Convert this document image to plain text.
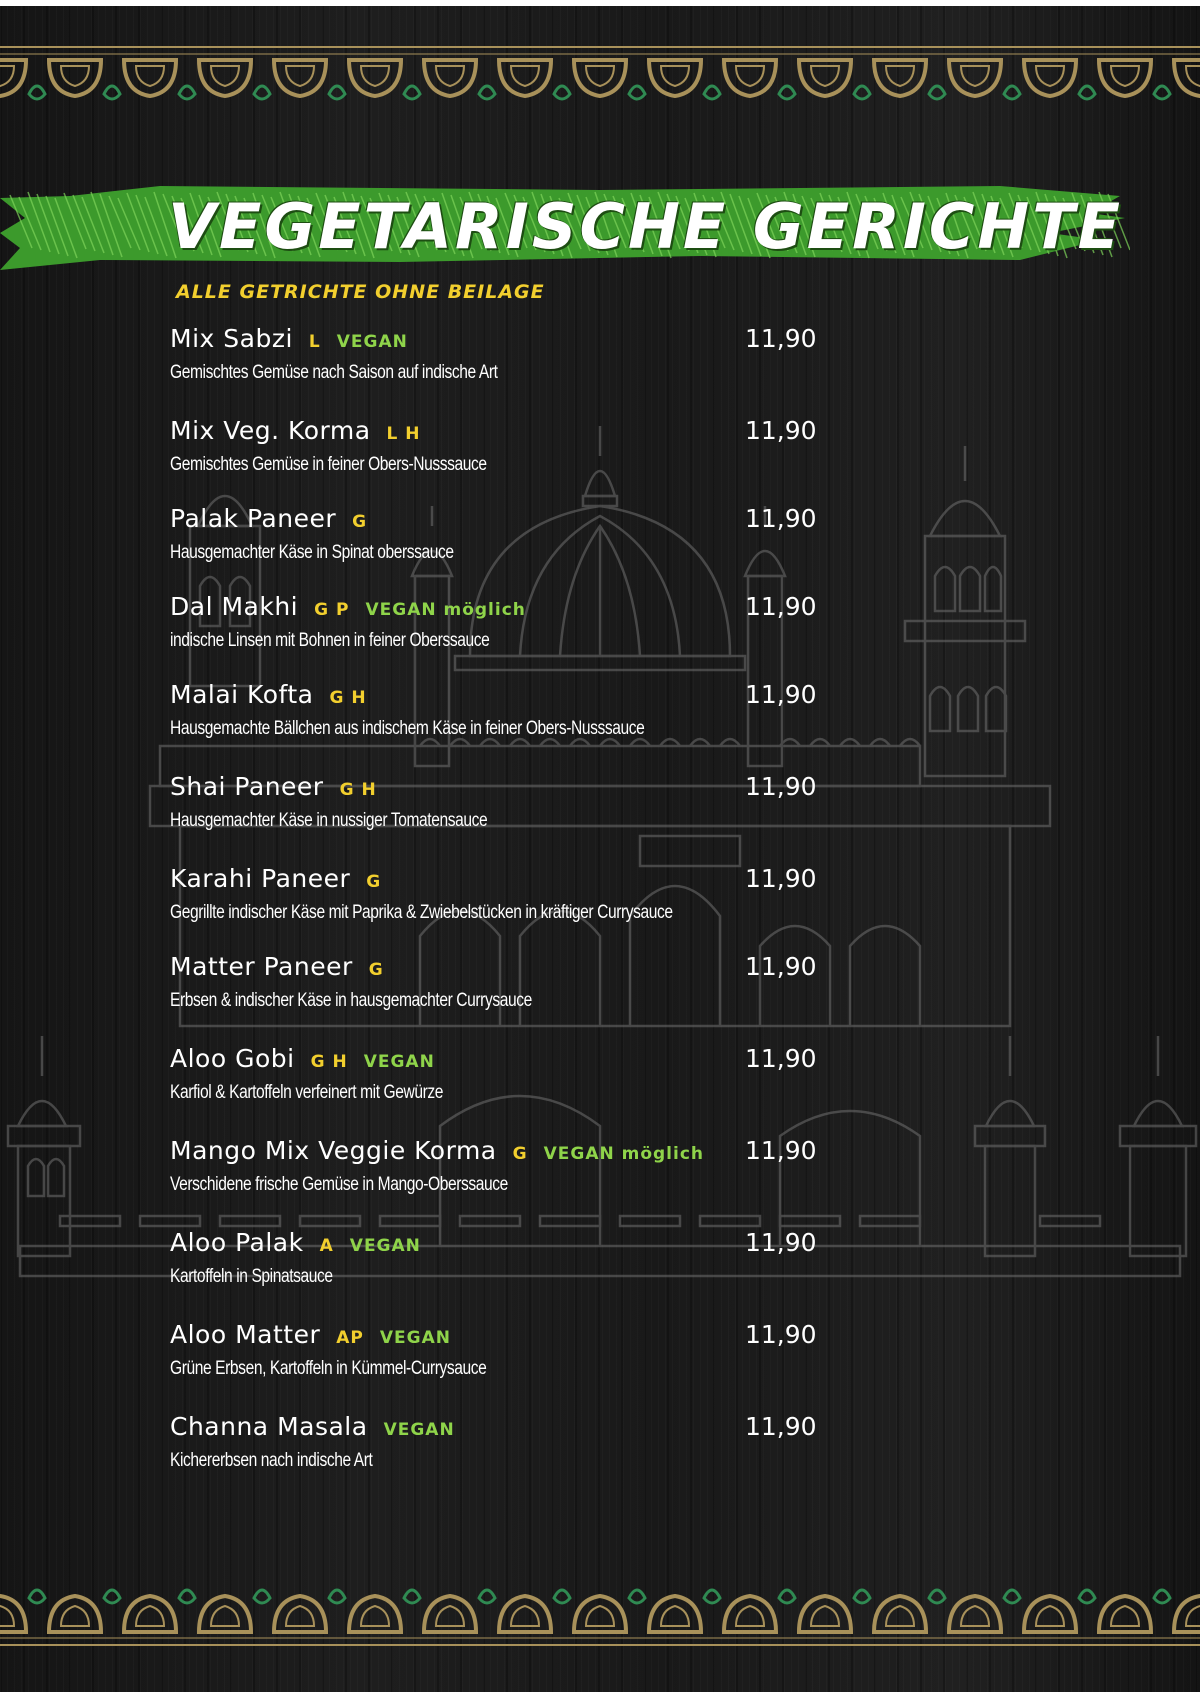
VEGETARISCHE GERICHTE
ALLE GETRICHTE OHNE BEILAGE
Mix Sabzi L VEGAN
Gemischtes Gemüse nach Saison auf indische Art
11,90
Mix Veg. Korma L H
Gemischtes Gemüse in feiner Obers-Nusssauce
11,90
Palak Paneer G
Hausgemachter Käse in Spinat oberssauce
11,90
Dal Makhi G P VEGAN möglich
indische Linsen mit Bohnen in feiner Oberssauce
11,90
Malai Kofta G H
Hausgemachte Bällchen aus indischem Käse in feiner Obers-Nusssauce
11,90
Shai Paneer G H
Hausgemachter Käse in nussiger Tomatensauce
11,90
Karahi Paneer G
Gegrillte indischer Käse mit Paprika & Zwiebelstücken in kräftiger Currysauce
11,90
Matter Paneer G
Erbsen & indischer Käse in hausgemachter Currysauce
11,90
Aloo Gobi G H VEGAN
Karfiol & Kartoffeln verfeinert mit Gewürze
11,90
Mango Mix Veggie Korma G VEGAN möglich
Verschidene frische Gemüse in Mango-Oberssauce
11,90
Aloo Palak A VEGAN
Kartoffeln in Spinatsauce
11,90
Aloo Matter AP VEGAN
Grüne Erbsen, Kartoffeln in Kümmel-Currysauce
11,90
Channa Masala VEGAN
Kichererbsen nach indische Art
11,90
